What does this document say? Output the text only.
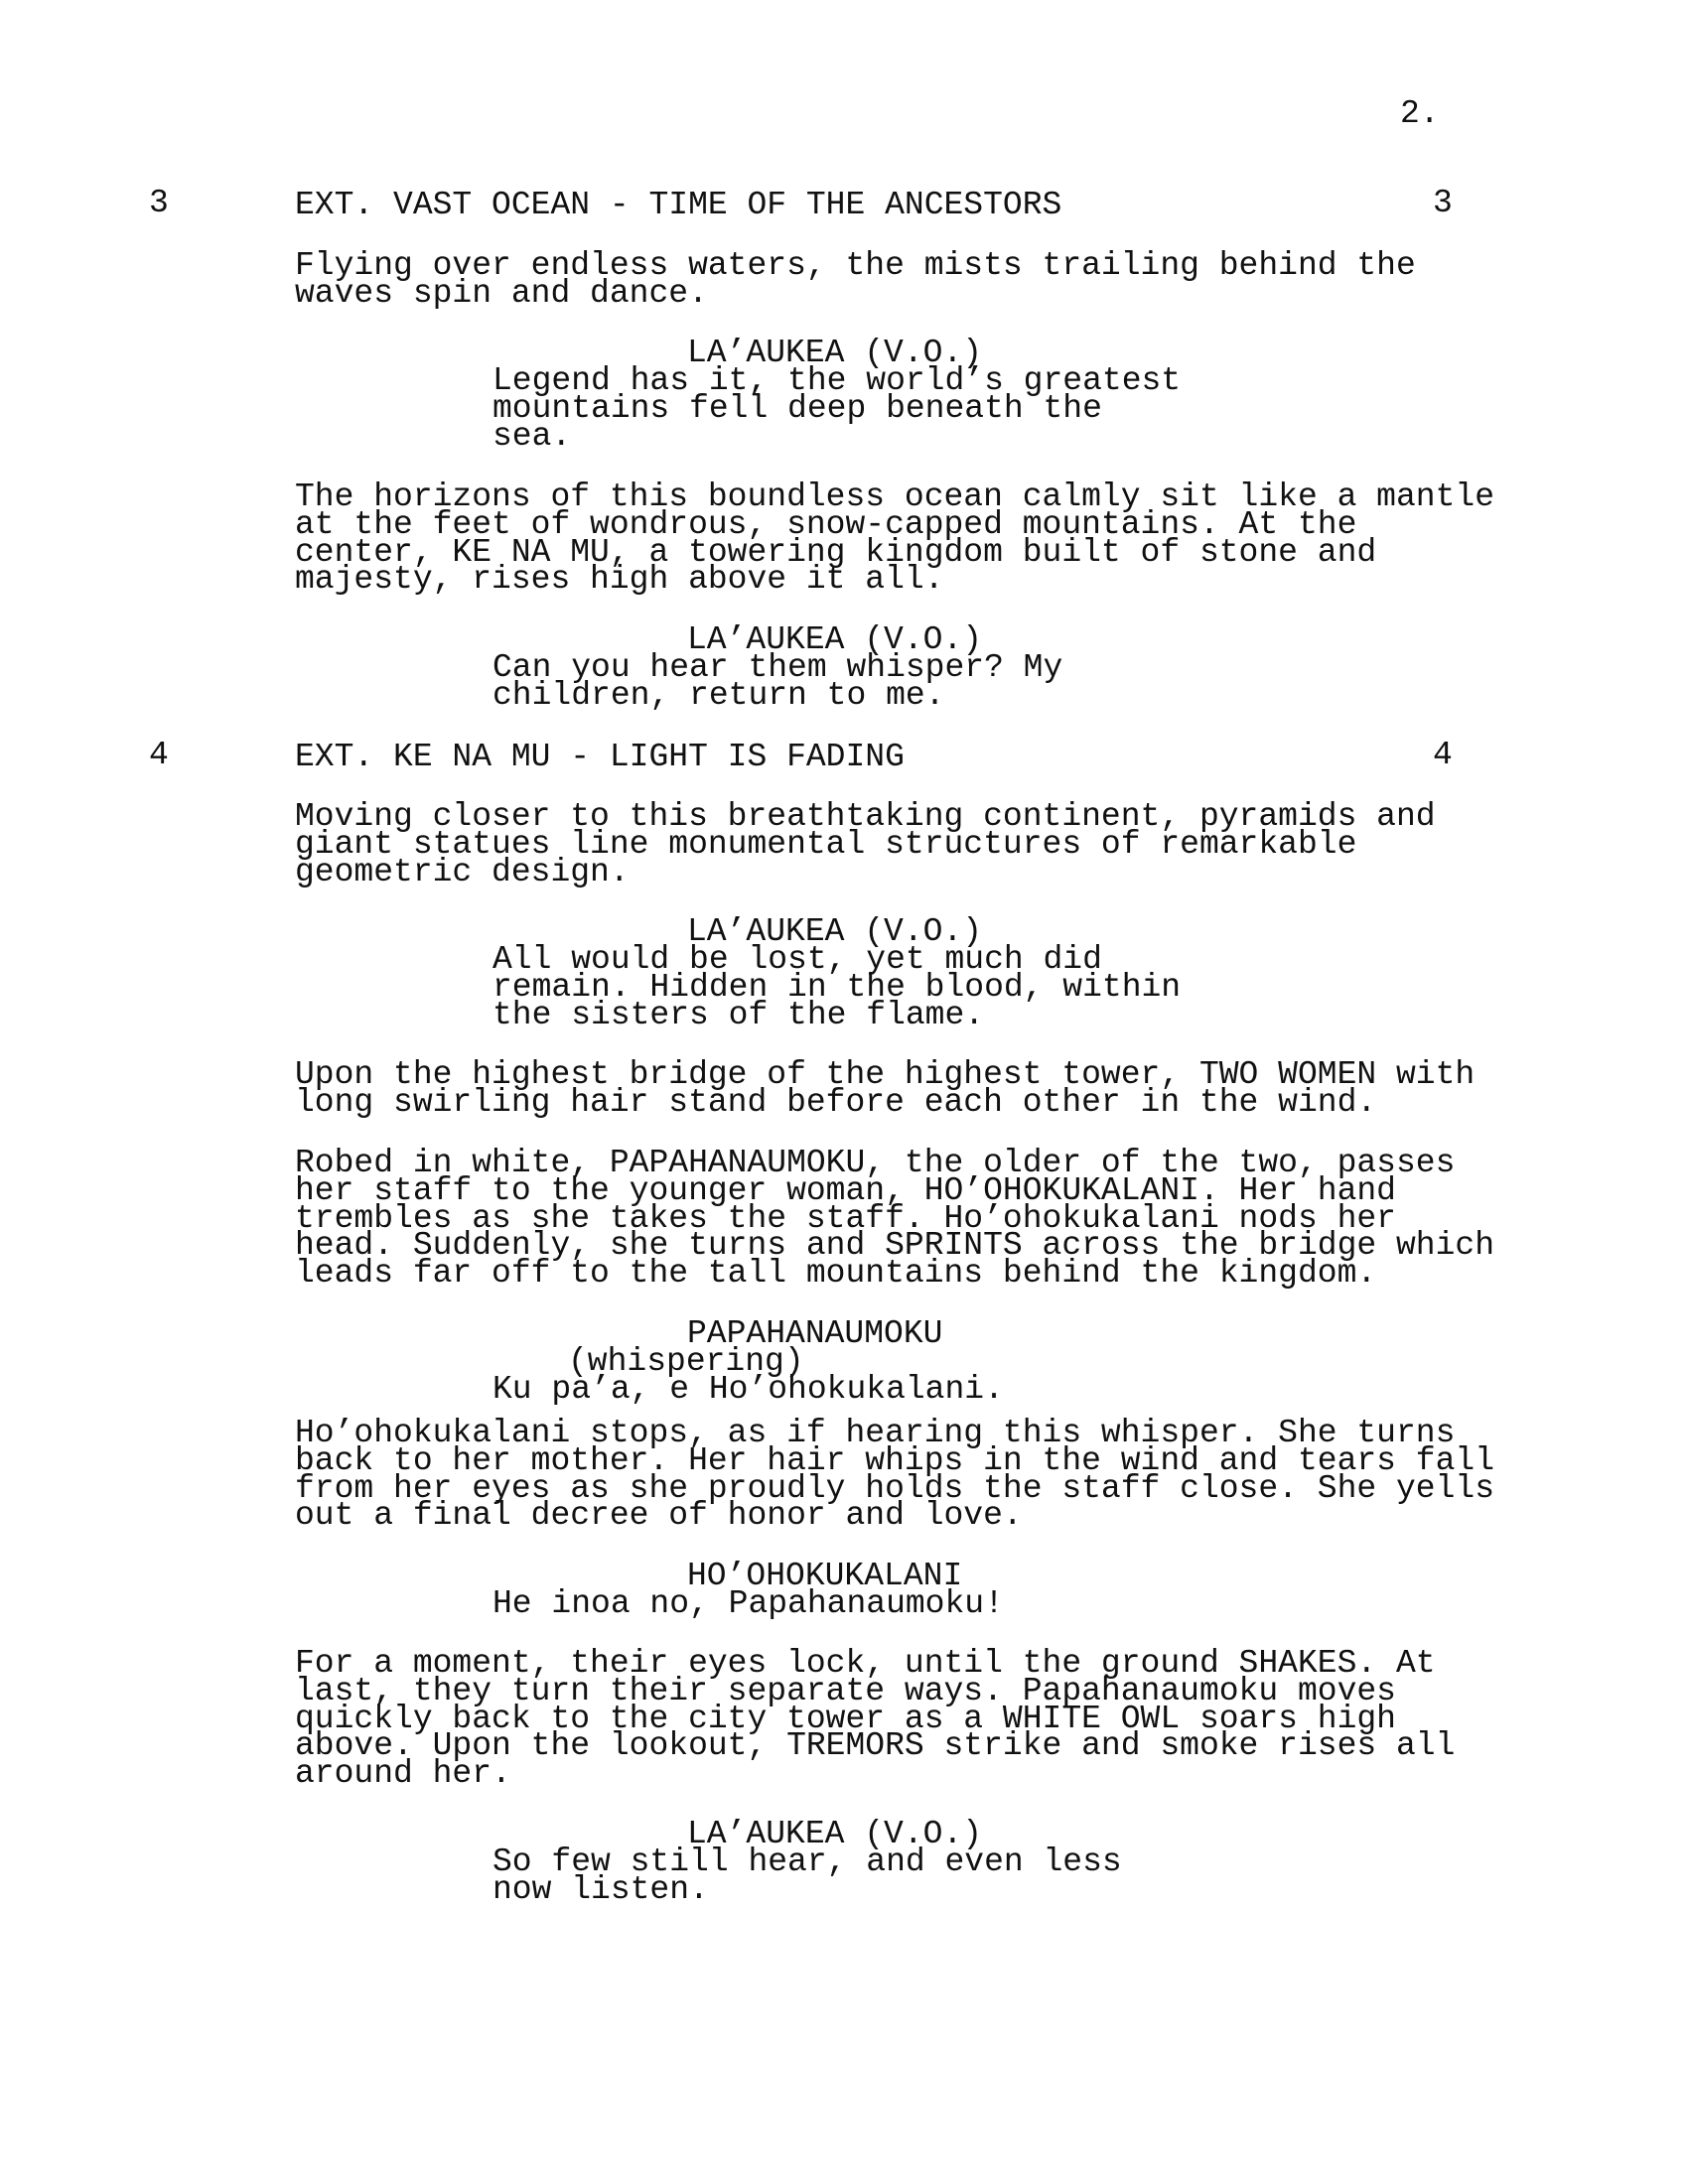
2.
3	EXT. VAST OCEAN - TIME OF THE ANCESTORS	3
Flying over endless waters, the mists trailing behind the
waves spin and dance.
LA’AUKEA (V.O.)
Legend has it, the world’s greatest
mountains fell deep beneath the
sea.
The horizons of this boundless ocean calmly sit like a mantle
at the feet of wondrous, snow-capped mountains. At the
center, KE NA MU, a towering kingdom built of stone and
majesty, rises high above it all.
LA’AUKEA (V.O.)
Can you hear them whisper? My
children, return to me.
4	EXT. KE NA MU - LIGHT IS FADING	4
Moving closer to this breathtaking continent, pyramids and
giant statues line monumental structures of remarkable
geometric design.
LA’AUKEA (V.O.)
All would be lost, yet much did
remain. Hidden in the blood, within
the sisters of the flame.
Upon the highest bridge of the highest tower, TWO WOMEN with
long swirling hair stand before each other in the wind.
Robed in white, PAPAHANAUMOKU, the older of the two, passes
her staff to the younger woman, HO’OHOKUKALANI. Her hand
trembles as she takes the staff. Ho’ohokukalani nods her
head. Suddenly, she turns and SPRINTS across the bridge which
leads far off to the tall mountains behind the kingdom.
PAPAHANAUMOKU
(whispering)
Ku pa’a, e Ho’ohokukalani.
Ho’ohokukalani stops, as if hearing this whisper. She turns
back to her mother. Her hair whips in the wind and tears fall
from her eyes as she proudly holds the staff close. She yells
out a final decree of honor and love.
HO’OHOKUKALANI
He inoa no, Papahanaumoku!
For a moment, their eyes lock, until the ground SHAKES. At
last, they turn their separate ways. Papahanaumoku moves
quickly back to the city tower as a WHITE OWL soars high
above. Upon the lookout, TREMORS strike and smoke rises all
around her.
LA’AUKEA (V.O.)
So few still hear, and even less
now listen.
